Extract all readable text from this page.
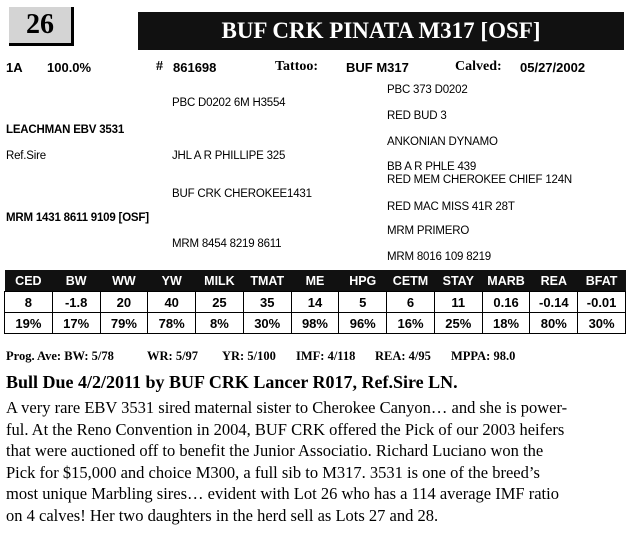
26	BUF CRK PINATA M317 [OSF]
1A 100.0%	# 861698	Tattoo: BUF M317	Calved: 05/27/2002
PBC 373 D0202
PBC D0202 6M H3554
RED BUD 3
LEACHMAN EBV 3531
ANKONIAN DYNAMO
Ref.Sire	JHL A R PHILLIPE 325
BB A R PHLE 439
RED MEM CHEROKEE CHIEF 124N
BUF CRK CHEROKEE1431
RED MAC MISS 41R 28T
MRM 1431 8611 9109 [OSF]
MRM PRIMERO
MRM 8454 8219 8611
MRM 8016 109 8219
CED	BW	WW	YW	MILK	TMAT	ME	HPG	CETM	STAY	MARB	REA	BFAT
8	-1.8	20	40	25	35	14	5	6	11	0.16	-0.14	-0.01
19%	17%	79%	78%	8%	30%	98%	96%	16%	25%	18%	80%	30%
Prog. Ave: BW: 5/78	WR: 5/97 YR: 5/100 IMF: 4/118 REA: 4/95 MPPA: 98.0
Bull Due 4/2/2011 by BUF CRK Lancer R017, Ref.Sire LN.
A very rare EBV 3531 sired maternal sister to Cherokee Canyon… and she is power-
ful. At the Reno Convention in 2004, BUF CRK offered the Pick of our 2003 heifers
that were auctioned off to benefit the Junior Associatio. Richard Luciano won the
Pick for $15,000 and choice M300, a full sib to M317. 3531 is one of the breed’s
most unique Marbling sires… evident with Lot 26 who has a 114 average IMF ratio
on 4 calves! Her two daughters in the herd sell as Lots 27 and 28.
